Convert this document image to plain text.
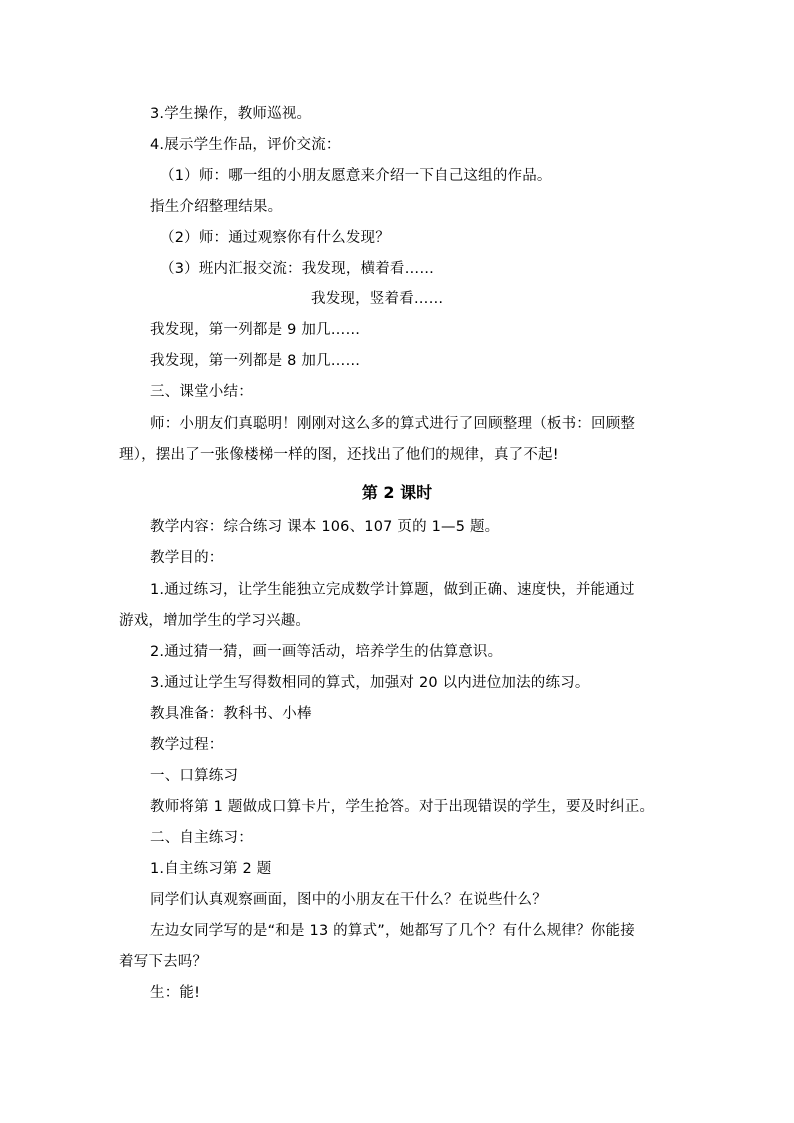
3.学生操作，教师巡视。
4.展示学生作品，评价交流：
（1）师：哪一组的小朋友愿意来介绍一下自己这组的作品。
指生介绍整理结果。
（2）师：通过观察你有什么发现？
（3）班内汇报交流：我发现，横着看……
我发现，竖着看……
我发现，第一列都是 9 加几……
我发现，第一列都是 8 加几……
三、课堂小结：
师：小朋友们真聪明！刚刚对这么多的算式进行了回顾整理（板书：回顾整
理），摆出了一张像楼梯一样的图，还找出了他们的规律，真了不起!
第 2 课时
教学内容：综合练习 课本 106、107 页的 1—5 题。
教学目的：
1.通过练习，让学生能独立完成数学计算题，做到正确、速度快，并能通过
游戏，增加学生的学习兴趣。
2.通过猜一猜，画一画等活动，培养学生的估算意识。
3.通过让学生写得数相同的算式，加强对 20 以内进位加法的练习。
教具准备：教科书、小棒
教学过程：
一、口算练习
教师将第 1 题做成口算卡片，学生抢答。对于出现错误的学生，要及时纠正。
二、自主练习：
1.自主练习第 2 题
同学们认真观察画面，图中的小朋友在干什么？在说些什么？
左边女同学写的是“和是 13 的算式”，她都写了几个？有什么规律？你能接
着写下去吗？
生：能!
